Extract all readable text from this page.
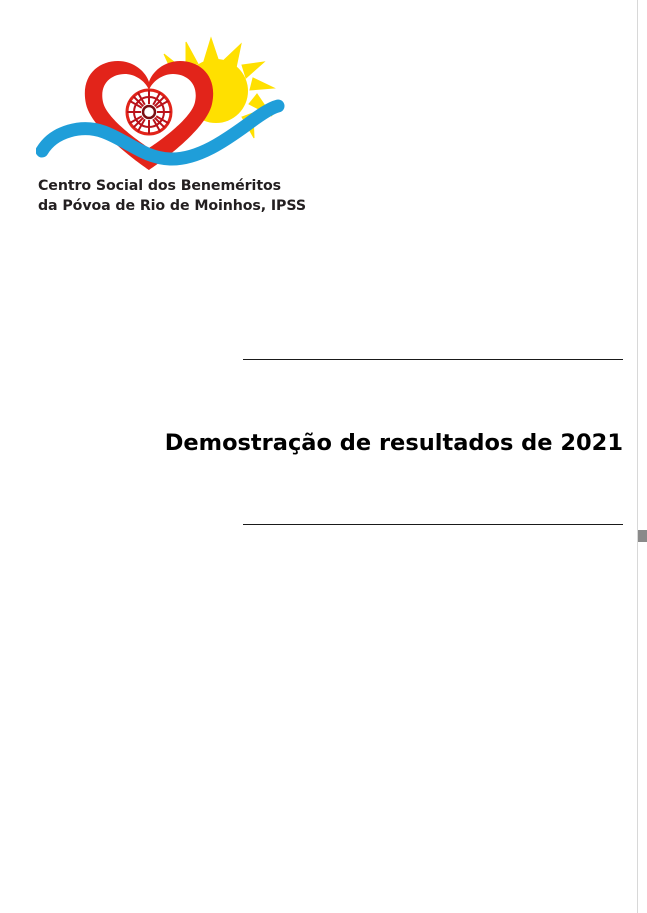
Centro Social dos Beneméritos
da Póvoa de Rio de Moinhos, IPSS
Demostração de resultados de 2021
